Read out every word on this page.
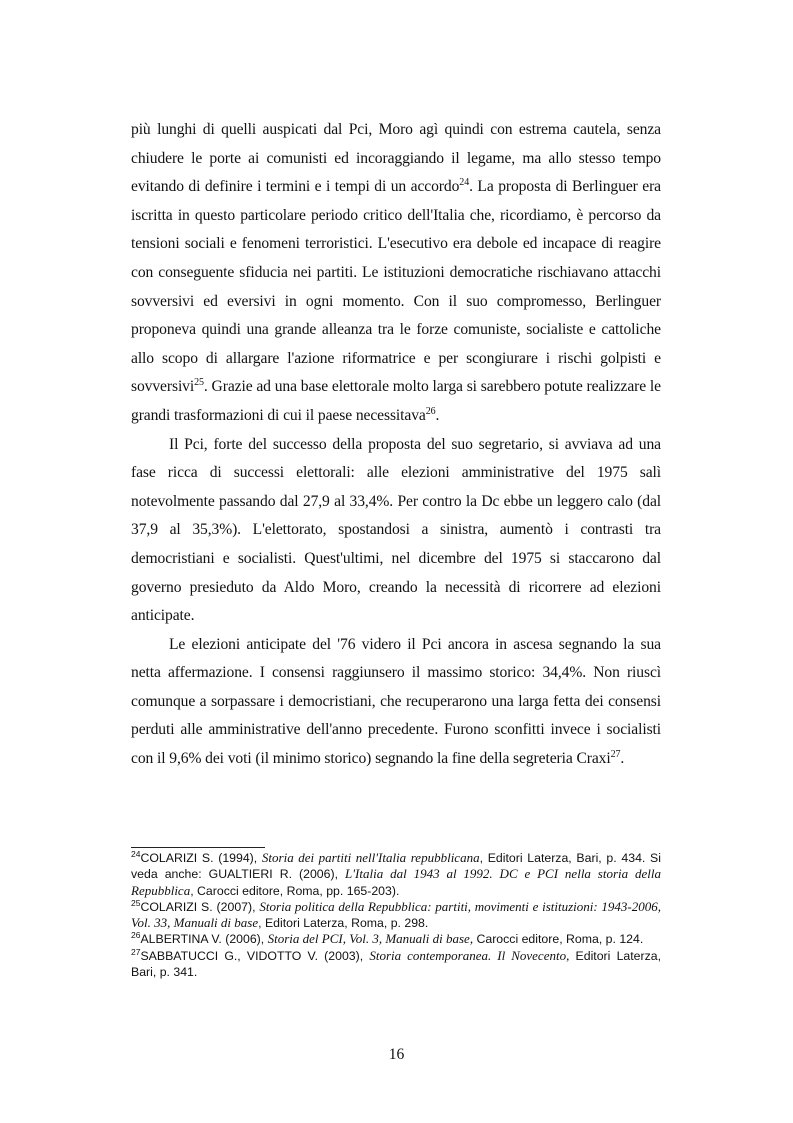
più lunghi di quelli auspicati dal Pci, Moro agì quindi con estrema cautela, senza chiudere le porte ai comunisti ed incoraggiando il legame, ma allo stesso tempo evitando di definire i termini e i tempi di un accordo$^{24}$. La proposta di Berlinguer era iscritta in questo particolare periodo critico dell'Italia che, ricordiamo, è percorso da tensioni sociali e fenomeni terroristici. L'esecutivo era debole ed incapace di reagire con conseguente sfiducia nei partiti. Le istituzioni democratiche rischiavano attacchi sovversivi ed eversivi in ogni momento. Con il suo compromesso, Berlinguer proponeva quindi una grande alleanza tra le forze comuniste, socialiste e cattoliche allo scopo di allargare l'azione riformatrice e per scongiurare i rischi golpisti e sovversivi$^{25}$. Grazie ad una base elettorale molto larga si sarebbero potute realizzare le grandi trasformazioni di cui il paese necessitava$^{26}$.

Il Pci, forte del successo della proposta del suo segretario, si avviava ad una fase ricca di successi elettorali: alle elezioni amministrative del 1975 salì notevolmente passando dal 27,9 al 33,4%. Per contro la Dc ebbe un leggero calo (dal 37,9 al 35,3%). L'elettorato, spostandosi a sinistra, aumentò i contrasti tra democristiani e socialisti. Quest'ultimi, nel dicembre del 1975 si staccarono dal governo presieduto da Aldo Moro, creando la necessità di ricorrere ad elezioni anticipate.

Le elezioni anticipate del '76 videro il Pci ancora in ascesa segnando la sua netta affermazione. I consensi raggiunsero il massimo storico: 34,4%. Non riuscì comunque a sorpassare i democristiani, che recuperarono una larga fetta dei consensi perduti alle amministrative dell'anno precedente. Furono sconfitti invece i socialisti con il 9,6% dei voti (il minimo storico) segnando la fine della segreteria Craxi$^{27}$.

$^{24}$COLARIZI S. (1994), Storia dei partiti nell'Italia repubblicana, Editori Laterza, Bari, p. 434. Si veda anche: GUALTIERI R. (2006), L'Italia dal 1943 al 1992. DC e PCI nella storia della Repubblica, Carocci editore, Roma, pp. 165-203).

$^{25}$COLARIZI S. (2007), Storia politica della Repubblica: partiti, movimenti e istituzioni: 1943-2006, Vol. 33, Manuali di base, Editori Laterza, Roma, p. 298.

$^{26}$ALBERTINA V. (2006), Storia del PCI, Vol. 3, Manuali di base, Carocci editore, Roma, p. 124.

$^{27}$SABBATUCCI G., VIDOTTO V. (2003), Storia contemporanea. Il Novecento, Editori Laterza, Bari, p. 341.

16
